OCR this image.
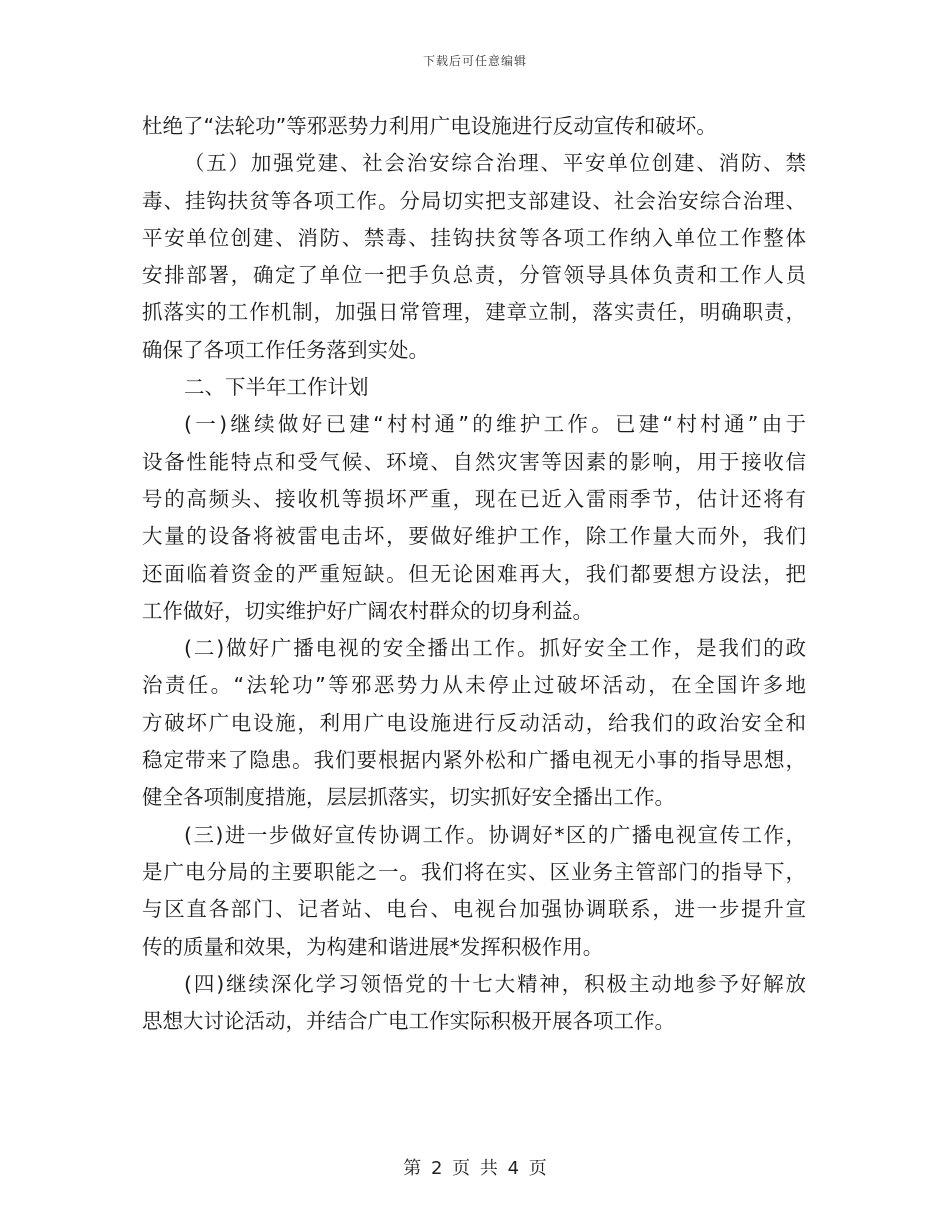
下载后可任意编辑
杜绝了“法轮功”等邪恶势力利用广电设施进行反动宣传和破坏。
（五）加强党建、社会治安综合治理、平安单位创建、消防、禁
毒、挂钩扶贫等各项工作。分局切实把支部建设、社会治安综合治理、
平安单位创建、消防、禁毒、挂钩扶贫等各项工作纳入单位工作整体
安排部署，确定了单位一把手负总责，分管领导具体负责和工作人员
抓落实的工作机制，加强日常管理，建章立制，落实责任，明确职责，
确保了各项工作任务落到实处。
二、下半年工作计划
(一)继续做好已建“村村通”的维护工作。已建“村村通”由于
设备性能特点和受气候、环境、自然灾害等因素的影响，用于接收信
号的高频头、接收机等损坏严重，现在已近入雷雨季节，估计还将有
大量的设备将被雷电击坏，要做好维护工作，除工作量大而外，我们
还面临着资金的严重短缺。但无论困难再大，我们都要想方设法，把
工作做好，切实维护好广阔农村群众的切身利益。
(二)做好广播电视的安全播出工作。抓好安全工作，是我们的政
治责任。“法轮功”等邪恶势力从未停止过破坏活动，在全国许多地
方破坏广电设施，利用广电设施进行反动活动，给我们的政治安全和
稳定带来了隐患。我们要根据内紧外松和广播电视无小事的指导思想，
健全各项制度措施，层层抓落实，切实抓好安全播出工作。
(三)进一步做好宣传协调工作。协调好*区的广播电视宣传工作，
是广电分局的主要职能之一。我们将在实、区业务主管部门的指导下，
与区直各部门、记者站、电台、电视台加强协调联系，进一步提升宣
传的质量和效果，为构建和谐进展*发挥积极作用。
(四)继续深化学习领悟党的十七大精神，积极主动地参予好解放
思想大讨论活动，并结合广电工作实际积极开展各项工作。
第 2 页 共 4 页
